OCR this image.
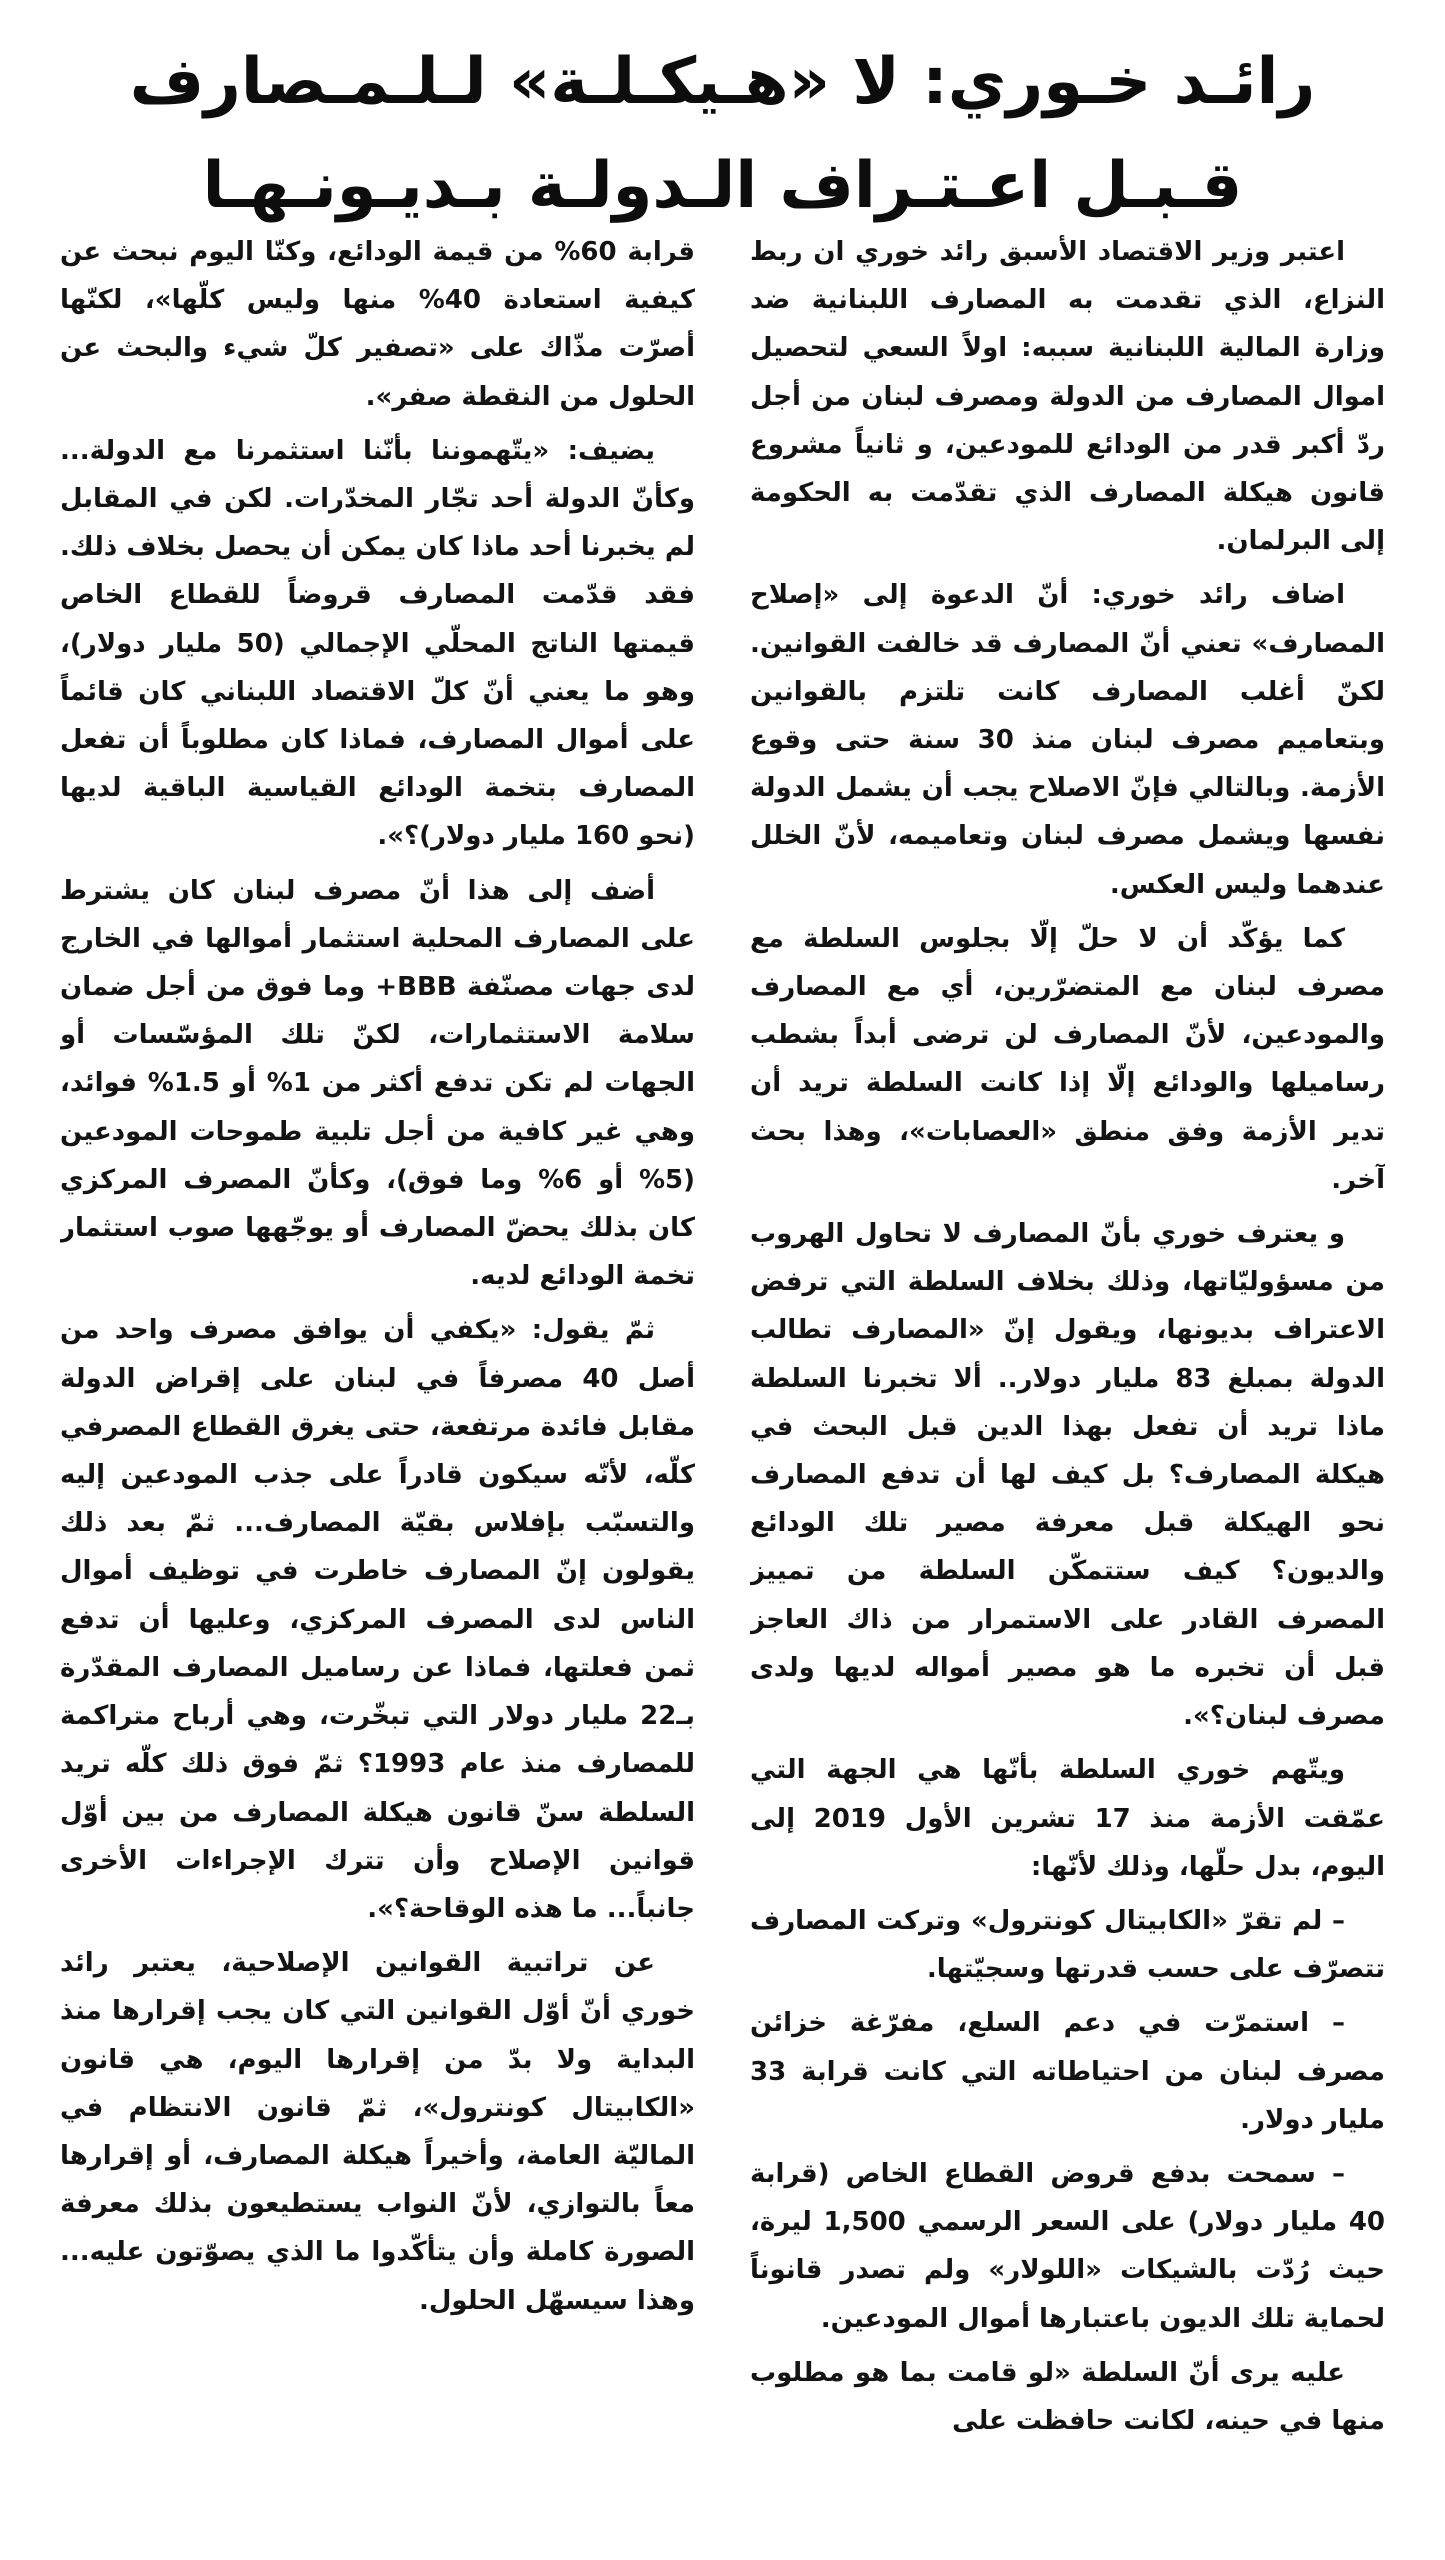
رائـد خـوري: لا «هـيكـلـة» لـلـمـصارف
قـبـل اعـتـراف الـدولـة بـديـونـهـا

اعتبر وزير الاقتصاد الأسبق رائد خوري ان ربط النزاع، الذي تقدمت به المصارف اللبنانية ضد وزارة المالية اللبنانية سببه: اولاً السعي لتحصيل اموال المصارف من الدولة ومصرف لبنان من أجل ردّ أكبر قدر من الودائع للمودعين، و ثانياً مشروع قانون هيكلة المصارف الذي تقدّمت به الحكومة إلى البرلمان.

اضاف رائد خوري: أنّ الدعوة إلى «إصلاح المصارف» تعني أنّ المصارف قد خالفت القوانين. لكنّ أغلب المصارف كانت تلتزم بالقوانين وبتعاميم مصرف لبنان منذ 30 سنة حتى وقوع الأزمة. وبالتالي فإنّ الاصلاح يجب أن يشمل الدولة نفسها ويشمل مصرف لبنان وتعاميمه، لأنّ الخلل عندهما وليس العكس.

كما يؤكّد أن لا حلّ إلّا بجلوس السلطة مع مصرف لبنان مع المتضرّرين، أي مع المصارف والمودعين، لأنّ المصارف لن ترضى أبداً بشطب رساميلها والودائع إلّا إذا كانت السلطة تريد أن تدير الأزمة وفق منطق «العصابات»، وهذا بحث آخر.

و يعترف خوري بأنّ المصارف لا تحاول الهروب من مسؤوليّاتها، وذلك بخلاف السلطة التي ترفض الاعتراف بديونها، ويقول إنّ «المصارف تطالب الدولة بمبلغ 83 مليار دولار.. ألا تخبرنا السلطة ماذا تريد أن تفعل بهذا الدين قبل البحث في هيكلة المصارف؟ بل كيف لها أن تدفع المصارف نحو الهيكلة قبل معرفة مصير تلك الودائع والديون؟ كيف ستتمكّن السلطة من تمييز المصرف القادر على الاستمرار من ذاك العاجز قبل أن تخبره ما هو مصير أمواله لديها ولدى مصرف لبنان؟».

ويتّهم خوري السلطة بأنّها هي الجهة التي عمّقت الأزمة منذ 17 تشرين الأول 2019 إلى اليوم، بدل حلّها، وذلك لأنّها:

– لم تقرّ «الكابيتال كونترول» وتركت المصارف تتصرّف على حسب قدرتها وسجيّتها.

– استمرّت في دعم السلع، مفرّغة خزائن مصرف لبنان من احتياطاته التي كانت قرابة 33 مليار دولار.

– سمحت بدفع قروض القطاع الخاص (قرابة 40 مليار دولار) على السعر الرسمي 1,500 ليرة، حيث رُدّت بالشيكات «اللولار» ولم تصدر قانوناً لحماية تلك الديون باعتبارها أموال المودعين.

عليه يرى أنّ السلطة «لو قامت بما هو مطلوب منها في حينه، لكانت حافظت على

قرابة 60% من قيمة الودائع، وكنّا اليوم نبحث عن كيفية استعادة 40% منها وليس كلّها»، لكنّها أصرّت مذّاك على «تصفير كلّ شيء والبحث عن الحلول من النقطة صفر».

يضيف: «يتّهموننا بأنّنا استثمرنا مع الدولة... وكأنّ الدولة أحد تجّار المخدّرات. لكن في المقابل لم يخبرنا أحد ماذا كان يمكن أن يحصل بخلاف ذلك. فقد قدّمت المصارف قروضاً للقطاع الخاص قيمتها الناتج المحلّي الإجمالي (50 مليار دولار)، وهو ما يعني أنّ كلّ الاقتصاد اللبناني كان قائماً على أموال المصارف، فماذا كان مطلوباً أن تفعل المصارف بتخمة الودائع القياسية الباقية لديها (نحو 160 مليار دولار)؟».

أضف إلى هذا أنّ مصرف لبنان كان يشترط على المصارف المحلية استثمار أموالها في الخارج لدى جهات مصنّفة BBB+ وما فوق من أجل ضمان سلامة الاستثمارات، لكنّ تلك المؤسّسات أو الجهات لم تكن تدفع أكثر من 1% أو 1.5% فوائد، وهي غير كافية من أجل تلبية طموحات المودعين (5% أو 6% وما فوق)، وكأنّ المصرف المركزي كان بذلك يحضّ المصارف أو يوجّهها صوب استثمار تخمة الودائع لديه.

ثمّ يقول: «يكفي أن يوافق مصرف واحد من أصل 40 مصرفاً في لبنان على إقراض الدولة مقابل فائدة مرتفعة، حتى يغرق القطاع المصرفي كلّه، لأنّه سيكون قادراً على جذب المودعين إليه والتسبّب بإفلاس بقيّة المصارف... ثمّ بعد ذلك يقولون إنّ المصارف خاطرت في توظيف أموال الناس لدى المصرف المركزي، وعليها أن تدفع ثمن فعلتها، فماذا عن رساميل المصارف المقدّرة بـ22 مليار دولار التي تبخّرت، وهي أرباح متراكمة للمصارف منذ عام 1993؟ ثمّ فوق ذلك كلّه تريد السلطة سنّ قانون هيكلة المصارف من بين أوّل قوانين الإصلاح وأن تترك الإجراءات الأخرى جانباً... ما هذه الوقاحة؟».

عن تراتبية القوانين الإصلاحية، يعتبر رائد خوري أنّ أوّل القوانين التي كان يجب إقرارها منذ البداية ولا بدّ من إقرارها اليوم، هي قانون «الكابيتال كونترول»، ثمّ قانون الانتظام في الماليّة العامة، وأخيراً هيكلة المصارف، أو إقرارها معاً بالتوازي، لأنّ النواب يستطيعون بذلك معرفة الصورة كاملة وأن يتأكّدوا ما الذي يصوّتون عليه... وهذا سيسهّل الحلول.
